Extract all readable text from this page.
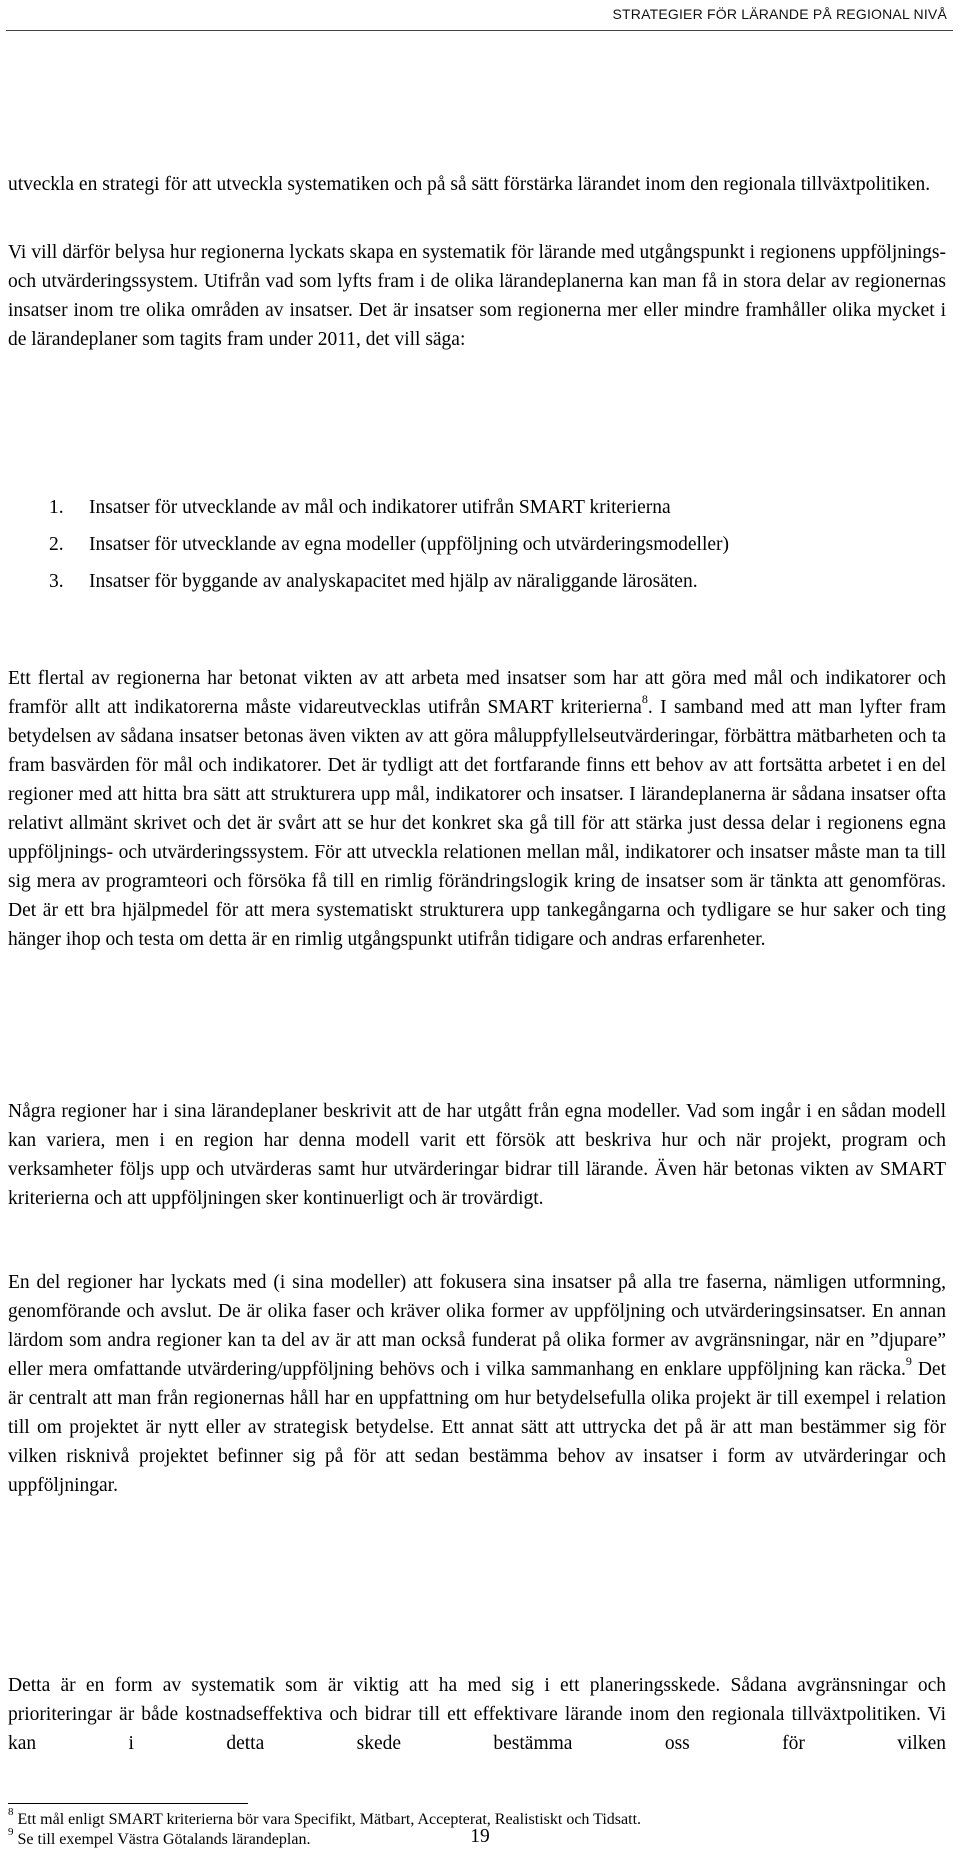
STRATEGIER FÖR LÄRANDE PÅ REGIONAL NIVÅ

utveckla en strategi för att utveckla systematiken och på så sätt förstärka lärandet inom den regionala tillväxtpolitiken.

Vi vill därför belysa hur regionerna lyckats skapa en systematik för lärande med utgångspunkt i regionens uppföljnings- och utvärderingssystem. Utifrån vad som lyfts fram i de olika lärandeplanerna kan man få in stora delar av regionernas insatser inom tre olika områden av insatser. Det är insatser som regionerna mer eller mindre framhåller olika mycket i de lärandeplaner som tagits fram under 2011, det vill säga:

1.	Insatser för utvecklande av mål och indikatorer utifrån SMART kriterierna
2.	Insatser för utvecklande av egna modeller (uppföljning och utvärderingsmodeller)
3.	Insatser för byggande av analyskapacitet med hjälp av näraliggande lärosäten.

Ett flertal av regionerna har betonat vikten av att arbeta med insatser som har att göra med mål och indikatorer och framför allt att indikatorerna måste vidareutvecklas utifrån SMART kriterierna$^8$. I samband med att man lyfter fram betydelsen av sådana insatser betonas även vikten av att göra måluppfyllelseutvärderingar, förbättra mätbarheten och ta fram basvärden för mål och indikatorer. Det är tydligt att det fortfarande finns ett behov av att fortsätta arbetet i en del regioner med att hitta bra sätt att strukturera upp mål, indikatorer och insatser. I lärandeplanerna är sådana insatser ofta relativt allmänt skrivet och det är svårt att se hur det konkret ska gå till för att stärka just dessa delar i regionens egna uppföljnings- och utvärderingssystem. För att utveckla relationen mellan mål, indikatorer och insatser måste man ta till sig mera av programteori och försöka få till en rimlig förändringslogik kring de insatser som är tänkta att genomföras. Det är ett bra hjälpmedel för att mera systematiskt strukturera upp tankegångarna och tydligare se hur saker och ting hänger ihop och testa om detta är en rimlig utgångspunkt utifrån tidigare och andras erfarenheter.

Några regioner har i sina lärandeplaner beskrivit att de har utgått från egna modeller. Vad som ingår i en sådan modell kan variera, men i en region har denna modell varit ett försök att beskriva hur och när projekt, program och verksamheter följs upp och utvärderas samt hur utvärderingar bidrar till lärande. Även här betonas vikten av SMART kriterierna och att uppföljningen sker kontinuerligt och är trovärdigt.

En del regioner har lyckats med (i sina modeller) att fokusera sina insatser på alla tre faserna, nämligen utformning, genomförande och avslut. De är olika faser och kräver olika former av uppföljning och utvärderingsinsatser. En annan lärdom som andra regioner kan ta del av är att man också funderat på olika former av avgränsningar, när en ”djupare” eller mera omfattande utvärdering/uppföljning behövs och i vilka sammanhang en enklare uppföljning kan räcka.$^9$ Det är centralt att man från regionernas håll har en uppfattning om hur betydelsefulla olika projekt är till exempel i relation till om projektet är nytt eller av strategisk betydelse. Ett annat sätt att uttrycka det på är att man bestämmer sig för vilken risknivå projektet befinner sig på för att sedan bestämma behov av insatser i form av utvärderingar och uppföljningar.

Detta är en form av systematik som är viktig att ha med sig i ett planeringsskede. Sådana avgränsningar och prioriteringar är både kostnadseffektiva och bidrar till ett effektivare lärande inom den regionala tillväxtpolitiken. Vi kan i detta skede bestämma oss för vilken

$^8$ Ett mål enligt SMART kriterierna bör vara Specifikt, Mätbart, Accepterat, Realistiskt och Tidsatt.
$^9$ Se till exempel Västra Götalands lärandeplan.	19
